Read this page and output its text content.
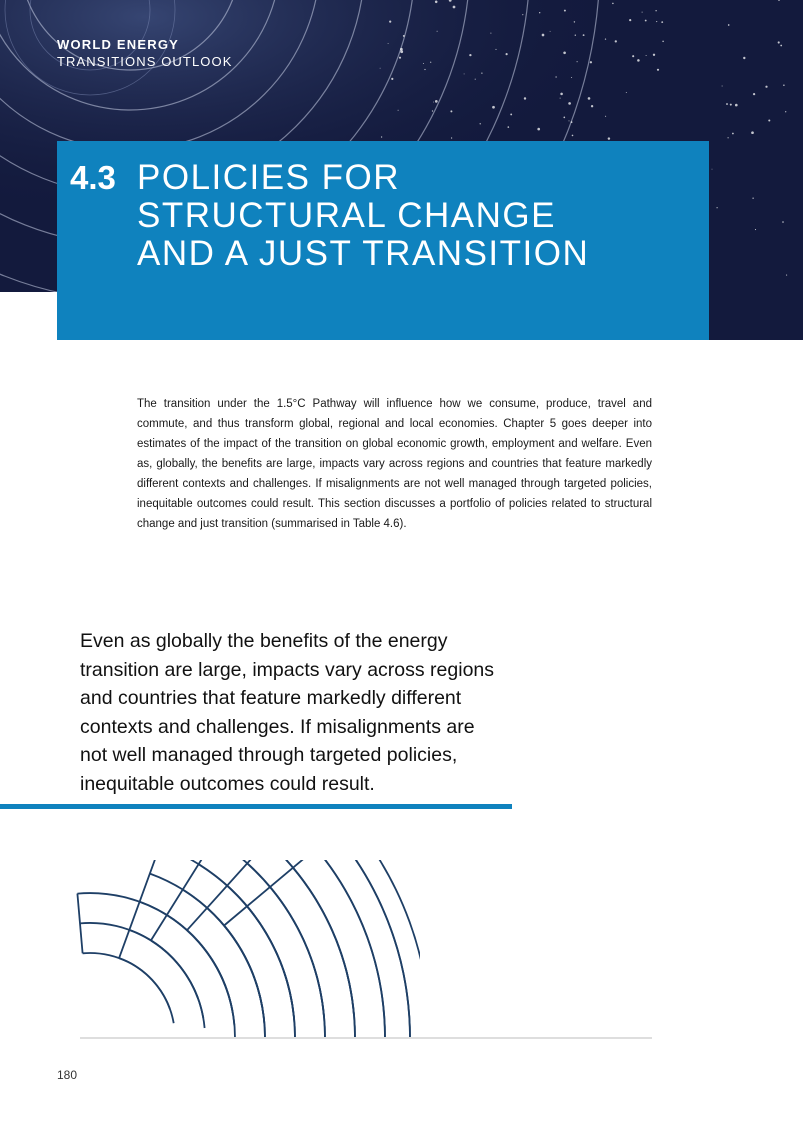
WORLD ENERGY
TRANSITIONS OUTLOOK
4.3 POLICIES FOR
STRUCTURAL CHANGE
AND A JUST TRANSITION

The transition under the 1.5°C Pathway will influence how we consume, produce, travel and commute, and thus transform global, regional and local economies. Chapter 5 goes deeper into estimates of the impact of the transition on global economic growth, employment and welfare. Even as, globally, the benefits are large, impacts vary across regions and countries that feature markedly different contexts and challenges. If misalignments are not well managed through targeted policies, inequitable outcomes could result. This section discusses a portfolio of policies related to structural change and just transition (summarised in Table 4.6).

Even as globally the benefits of the energy
transition are large, impacts vary across regions
and countries that feature markedly different
contexts and challenges. If misalignments are
not well managed through targeted policies,
inequitable outcomes could result.
180
